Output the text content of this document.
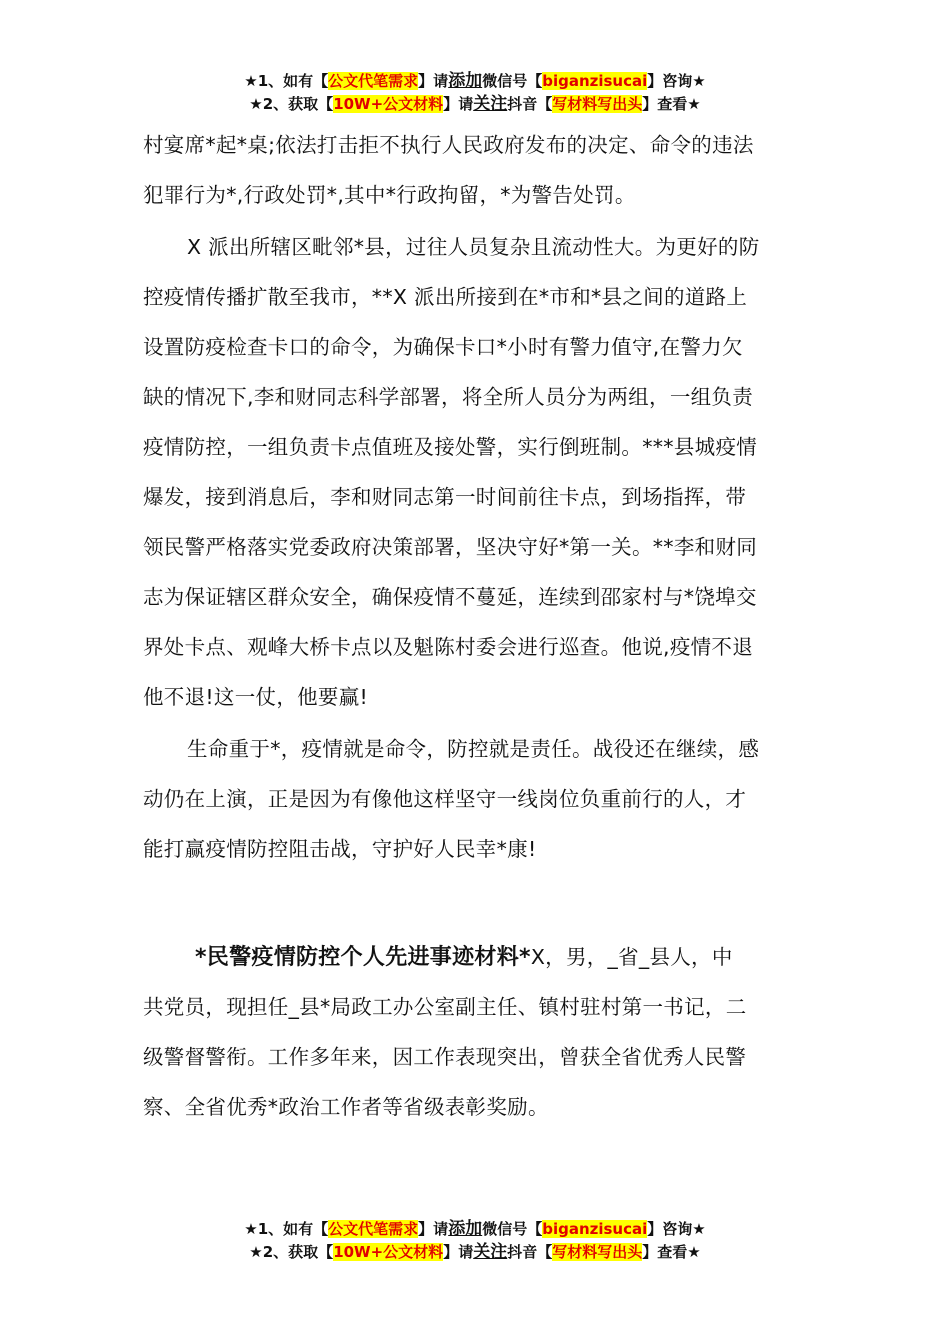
★1、如有【公文代笔需求】请添加微信号【biganzisucai】咨询★
★2、获取【10W+公文材料】请关注抖音【写材料写出头】查看★
村宴席*起*桌;依法打击拒不执行人民政府发布的决定、命令的违法
犯罪行为*,行政处罚*,其中*行政拘留，*为警告处罚。
X 派出所辖区毗邻*县，过往人员复杂且流动性大。为更好的防
控疫情传播扩散至我市，**X 派出所接到在*市和*县之间的道路上
设置防疫检查卡口的命令，为确保卡口*小时有警力值守,在警力欠
缺的情况下,李和财同志科学部署，将全所人员分为两组，一组负责
疫情防控，一组负责卡点值班及接处警，实行倒班制。***县城疫情
爆发，接到消息后，李和财同志第一时间前往卡点，到场指挥，带
领民警严格落实党委政府决策部署，坚决守好*第一关。**李和财同
志为保证辖区群众安全，确保疫情不蔓延，连续到邵家村与*饶埠交
界处卡点、观峰大桥卡点以及魁陈村委会进行巡查。他说,疫情不退
他不退!这一仗，他要赢!
生命重于*，疫情就是命令，防控就是责任。战役还在继续，感
动仍在上演，正是因为有像他这样坚守一线岗位负重前行的人，才
能打赢疫情防控阻击战，守护好人民幸*康!
*民警疫情防控个人先进事迹材料*X，男，_省_县人，中
共党员，现担任_县*局政工办公室副主任、镇村驻村第一书记，二
级警督警衔。工作多年来，因工作表现突出，曾获全省优秀人民警
察、全省优秀*政治工作者等省级表彰奖励。
★1、如有【公文代笔需求】请添加微信号【biganzisucai】咨询★
★2、获取【10W+公文材料】请关注抖音【写材料写出头】查看★
